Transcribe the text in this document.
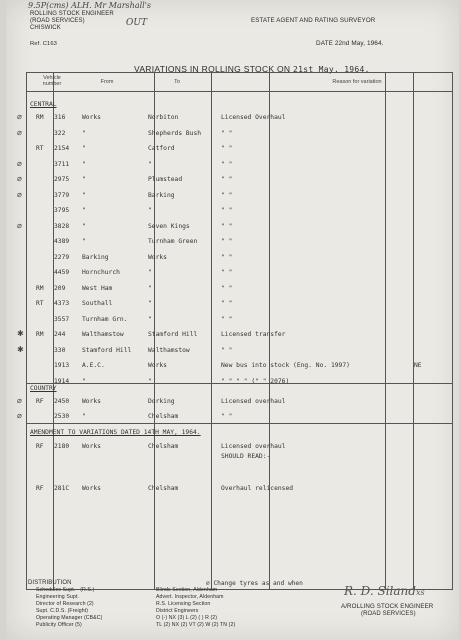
9.5P(cms) ALH. Mr Marshall's
ROLLING STOCK ENGINEER
(ROAD SERVICES)
CHISWICK	OUT	ESTATE AGENT AND RATING SURVEYOR
Ref. C163	DATE 22nd May, 1964.
VARIATIONS IN ROLLING STOCK ON 21st May, 1964.
Vehicle number	From	To	Reason for variation
CENTRAL
⌀ RM 316	Works	Norbiton	Licensed Overhaul
⌀	322	"	Shepherds Bush	" "
RT 2154 "	Catford	" "
⌀	3711 "	"	" "
⌀	2975 "	Plumstead	" "
⌀	3779 "	Barking	" "
3795 "	"	" "
⌀	3828 "	Seven Kings	" "
4389 "	Turnham Green	" "
2279 Barking	Works	" "
4459 Hornchurch	"	" "
RM 209	West Ham	"	" "
RT 4373 Southall	"	" "
3557 Turnham Grn.	"	" "
✱ RM 244	Walthamstow	Stamford Hill	Licensed transfer
✱	330	Stamford Hill	Walthamstow	" "
1913 A.E.C.	Works	New bus into stock (Eng. No. 1997)	NE
1914 "	"	" " " " (" " 2076)
COUNTRY
⌀ RF 2450 Works	Dorking	Licensed overhaul
⌀	2530 "	Chelsham	" "
AMENDMENT TO VARIATIONS DATED 14TH MAY, 1964.
RF 2180 Works	Chelsham	Licensed overhaul
SHOULD READ:-
RF 281C Works	Chelsham	Overhaul relicensed
DISTRIBUTION
Schedules Supt. - (R.S.)
Engineering Supt.
Director of Research (2)
Supt. C.D.S. (Freight)
Operating Manager (CB&C)
Publicity Officer (5)
Blinds Section, Aldenham
Advert. Inspector, Aldenham
R.S. Licensing Section
District Engineers
O (-) NX (3) L (2) ( ) R (2)
TL (2) NX (2) VT (2) W (2) TN (2)
⌀ Change tyres as and when
R. D. Silandxs
A/ROLLING STOCK ENGINEER
(ROAD SERVICES)
